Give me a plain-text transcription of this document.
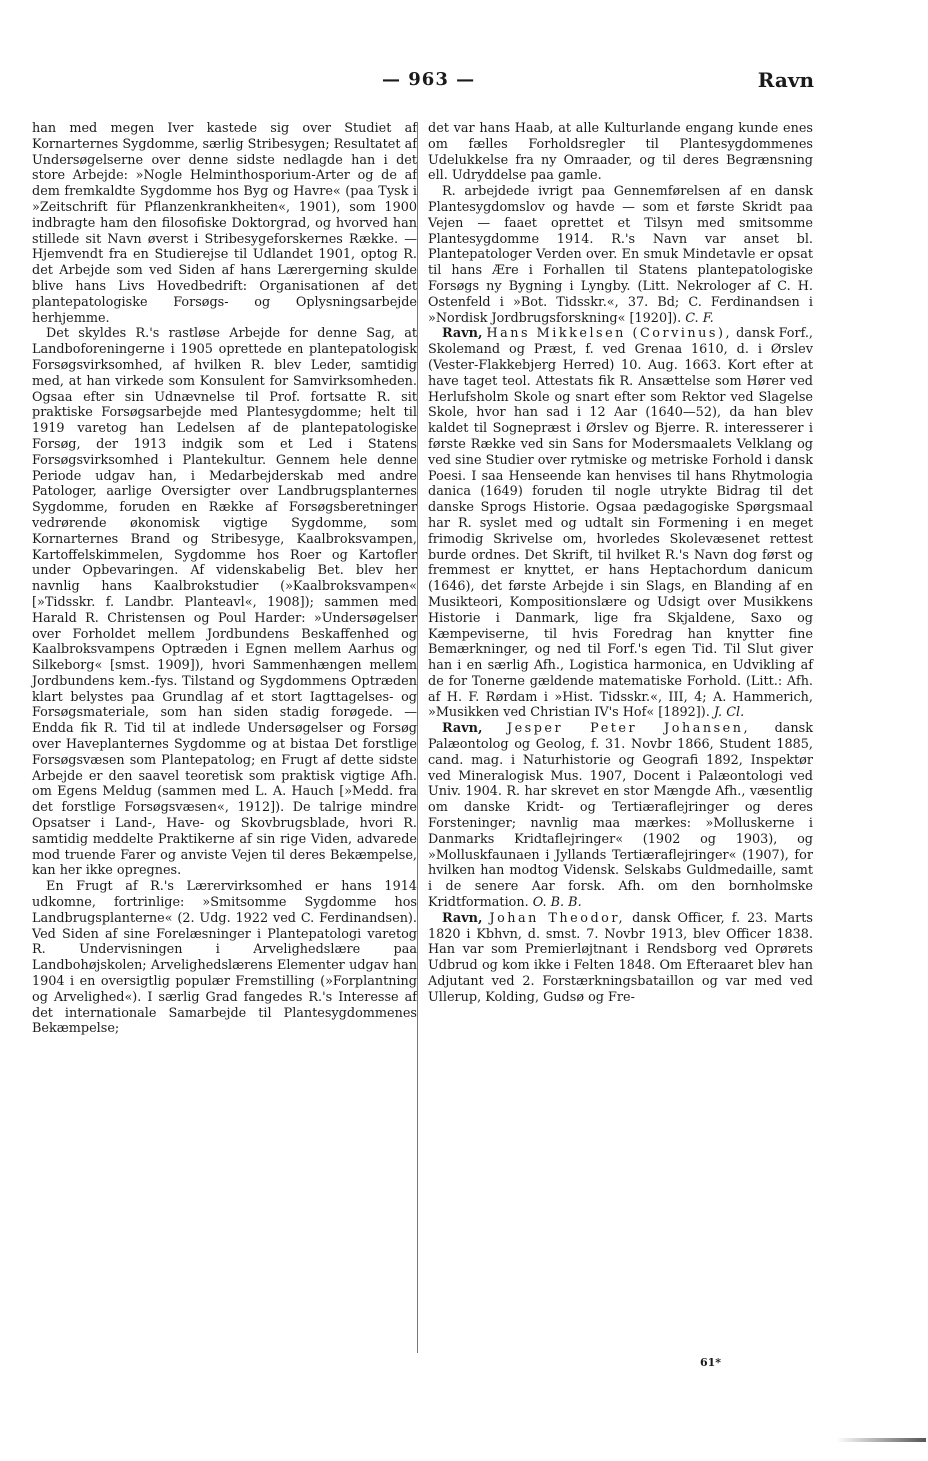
— 963 —	Ravn

han med megen Iver kastede sig over Studiet af Kornarternes Sygdomme, særlig Stribesygen; Resultatet af Undersøgelserne over denne sidste nedlagde han i det store Arbejde: »Nogle Helminthosporium-Arter og de af dem fremkaldte Sygdomme hos Byg og Havre« (paa Tysk i »Zeitschrift für Pflanzenkrankheiten«, 1901), som 1900 indbragte ham den filosofiske Doktorgrad, og hvorved han stillede sit Navn øverst i Stribesygeforskernes Række. — Hjemvendt fra en Studierejse til Udlandet 1901, optog R. det Arbejde som ved Siden af hans Lærergerning skulde blive hans Livs Hovedbedrift: Organisationen af det plantepatologiske Forsøgs- og Oplysningsarbejde herhjemme.

Det skyldes R.'s rastløse Arbejde for denne Sag, at Landboforeningerne i 1905 oprettede en plantepatologisk Forsøgsvirksomhed, af hvilken R. blev Leder, samtidig med, at han virkede som Konsulent for Samvirksomheden. Ogsaa efter sin Udnævnelse til Prof. fortsatte R. sit praktiske Forsøgsarbejde med Plantesygdomme; helt til 1919 varetog han Ledelsen af de plantepatologiske Forsøg, der 1913 indgik som et Led i Statens Forsøgsvirksomhed i Plantekultur. Gennem hele denne Periode udgav han, i Medarbejderskab med andre Patologer, aarlige Oversigter over Landbrugsplanternes Sygdomme, foruden en Række af Forsøgsberetninger vedrørende økonomisk vigtige Sygdomme, som Kornarternes Brand og Stribesyge, Kaalbroksvampen, Kartoffelskimmelen, Sygdomme hos Roer og Kartofler under Opbevaringen. Af videnskabelig Bet. blev her navnlig hans Kaalbrokstudier (»Kaalbroksvampen« [»Tidsskr. f. Landbr. Planteavl«, 1908]); sammen med Harald R. Christensen og Poul Harder: »Undersøgelser over Forholdet mellem Jordbundens Beskaffenhed og Kaalbroksvampens Optræden i Egnen mellem Aarhus og Silkeborg« [smst. 1909]), hvori Sammenhængen mellem Jordbundens kem.-fys. Tilstand og Sygdommens Optræden klart belystes paa Grundlag af et stort Iagttagelses- og Forsøgsmateriale, som han siden stadig forøgede. — Endda fik R. Tid til at indlede Undersøgelser og Forsøg over Haveplanternes Sygdomme og at bistaa Det forstlige Forsøgsvæsen som Plantepatolog; en Frugt af dette sidste Arbejde er den saavel teoretisk som praktisk vigtige Afh. om Egens Meldug (sammen med L. A. Hauch [»Medd. fra det forstlige Forsøgsvæsen«, 1912]). De talrige mindre Opsatser i Land-, Have- og Skovbrugsblade, hvori R. samtidig meddelte Praktikerne af sin rige Viden, advarede mod truende Farer og anviste Vejen til deres Bekæmpelse, kan her ikke opregnes.

En Frugt af R.'s Lærervirksomhed er hans 1914 udkomne, fortrinlige: »Smitsomme Sygdomme hos Landbrugsplanterne« (2. Udg. 1922 ved C. Ferdinandsen). Ved Siden af sine Forelæsninger i Plantepatologi varetog R. Undervisningen i Arvelighedslære paa Landbohøjskolen; Arvelighedslærens Elementer udgav han 1904 i en oversigtlig populær Fremstilling (»Forplantning og Arvelighed«). I særlig Grad fangedes R.'s Interesse af det internationale Samarbejde til Plantesygdommenes Bekæmpelse;

det var hans Haab, at alle Kulturlande engang kunde enes om fælles Forholdsregler til Plantesygdommenes Udelukkelse fra ny Omraader, og til deres Begrænsning ell. Udryddelse paa gamle.

R. arbejdede ivrigt paa Gennemførelsen af en dansk Plantesygdomslov og havde — som et første Skridt paa Vejen — faaet oprettet et Tilsyn med smitsomme Plantesygdomme 1914. R.'s Navn var anset bl. Plantepatologer Verden over. En smuk Mindetavle er opsat til hans Ære i Forhallen til Statens plantepatologiske Forsøgs ny Bygning i Lyngby. (Litt. Nekrologer af C. H. Ostenfeld i »Bot. Tidsskr.«, 37. Bd; C. Ferdinandsen i »Nordisk Jordbrugsforskning« [1920]). C. F.

Ravn, Hans Mikkelsen (Corvinus), dansk Forf., Skolemand og Præst, f. ved Grenaa 1610, d. i Ørslev (Vester-Flakkebjerg Herred) 10. Aug. 1663. Kort efter at have taget teol. Attestats fik R. Ansættelse som Hører ved Herlufsholm Skole og snart efter som Rektor ved Slagelse Skole, hvor han sad i 12 Aar (1640—52), da han blev kaldet til Sognepræst i Ørslev og Bjerre. R. interesserer i første Række ved sin Sans for Modersmaalets Velklang og ved sine Studier over rytmiske og metriske Forhold i dansk Poesi. I saa Henseende kan henvises til hans Rhytmologia danica (1649) foruden til nogle utrykte Bidrag til det danske Sprogs Historie. Ogsaa pædagogiske Spørgsmaal har R. syslet med og udtalt sin Formening i en meget frimodig Skrivelse om, hvorledes Skolevæsenet rettest burde ordnes. Det Skrift, til hvilket R.'s Navn dog først og fremmest er knyttet, er hans Heptachordum danicum (1646), det første Arbejde i sin Slags, en Blanding af en Musikteori, Kompositionslære og Udsigt over Musikkens Historie i Danmark, lige fra Skjaldene, Saxo og Kæmpeviserne, til hvis Foredrag han knytter fine Bemærkninger, og ned til Forf.'s egen Tid. Til Slut giver han i en særlig Afh., Logistica harmonica, en Udvikling af de for Tonerne gældende matematiske Forhold. (Litt.: Afh. af H. F. Rørdam i »Hist. Tidsskr.«, III, 4; A. Hammerich, »Musikken ved Christian IV's Hof« [1892]). J. Cl.

Ravn, Jesper Peter Johansen, dansk Palæontolog og Geolog, f. 31. Novbr 1866, Student 1885, cand. mag. i Naturhistorie og Geografi 1892, Inspektør ved Mineralogisk Mus. 1907, Docent i Palæontologi ved Univ. 1904. R. har skrevet en stor Mængde Afh., væsentlig om danske Kridt- og Tertiæraflejringer og deres Forsteninger; navnlig maa mærkes: »Molluskerne i Danmarks Kridtaflejringer« (1902 og 1903), og »Molluskfaunaen i Jyllands Tertiæraflejringer« (1907), for hvilken han modtog Vidensk. Selskabs Guldmedaille, samt i de senere Aar forsk. Afh. om den bornholmske Kridtformation. O. B. B.

Ravn, Johan Theodor, dansk Officer, f. 23. Marts 1820 i Kbhvn, d. smst. 7. Novbr 1913, blev Officer 1838. Han var som Premierløjtnant i Rendsborg ved Oprørets Udbrud og kom ikke i Felten 1848. Om Efteraaret blev han Adjutant ved 2. Forstærkningsbataillon og var med ved Ullerup, Kolding, Gudsø og Fre-

61*
